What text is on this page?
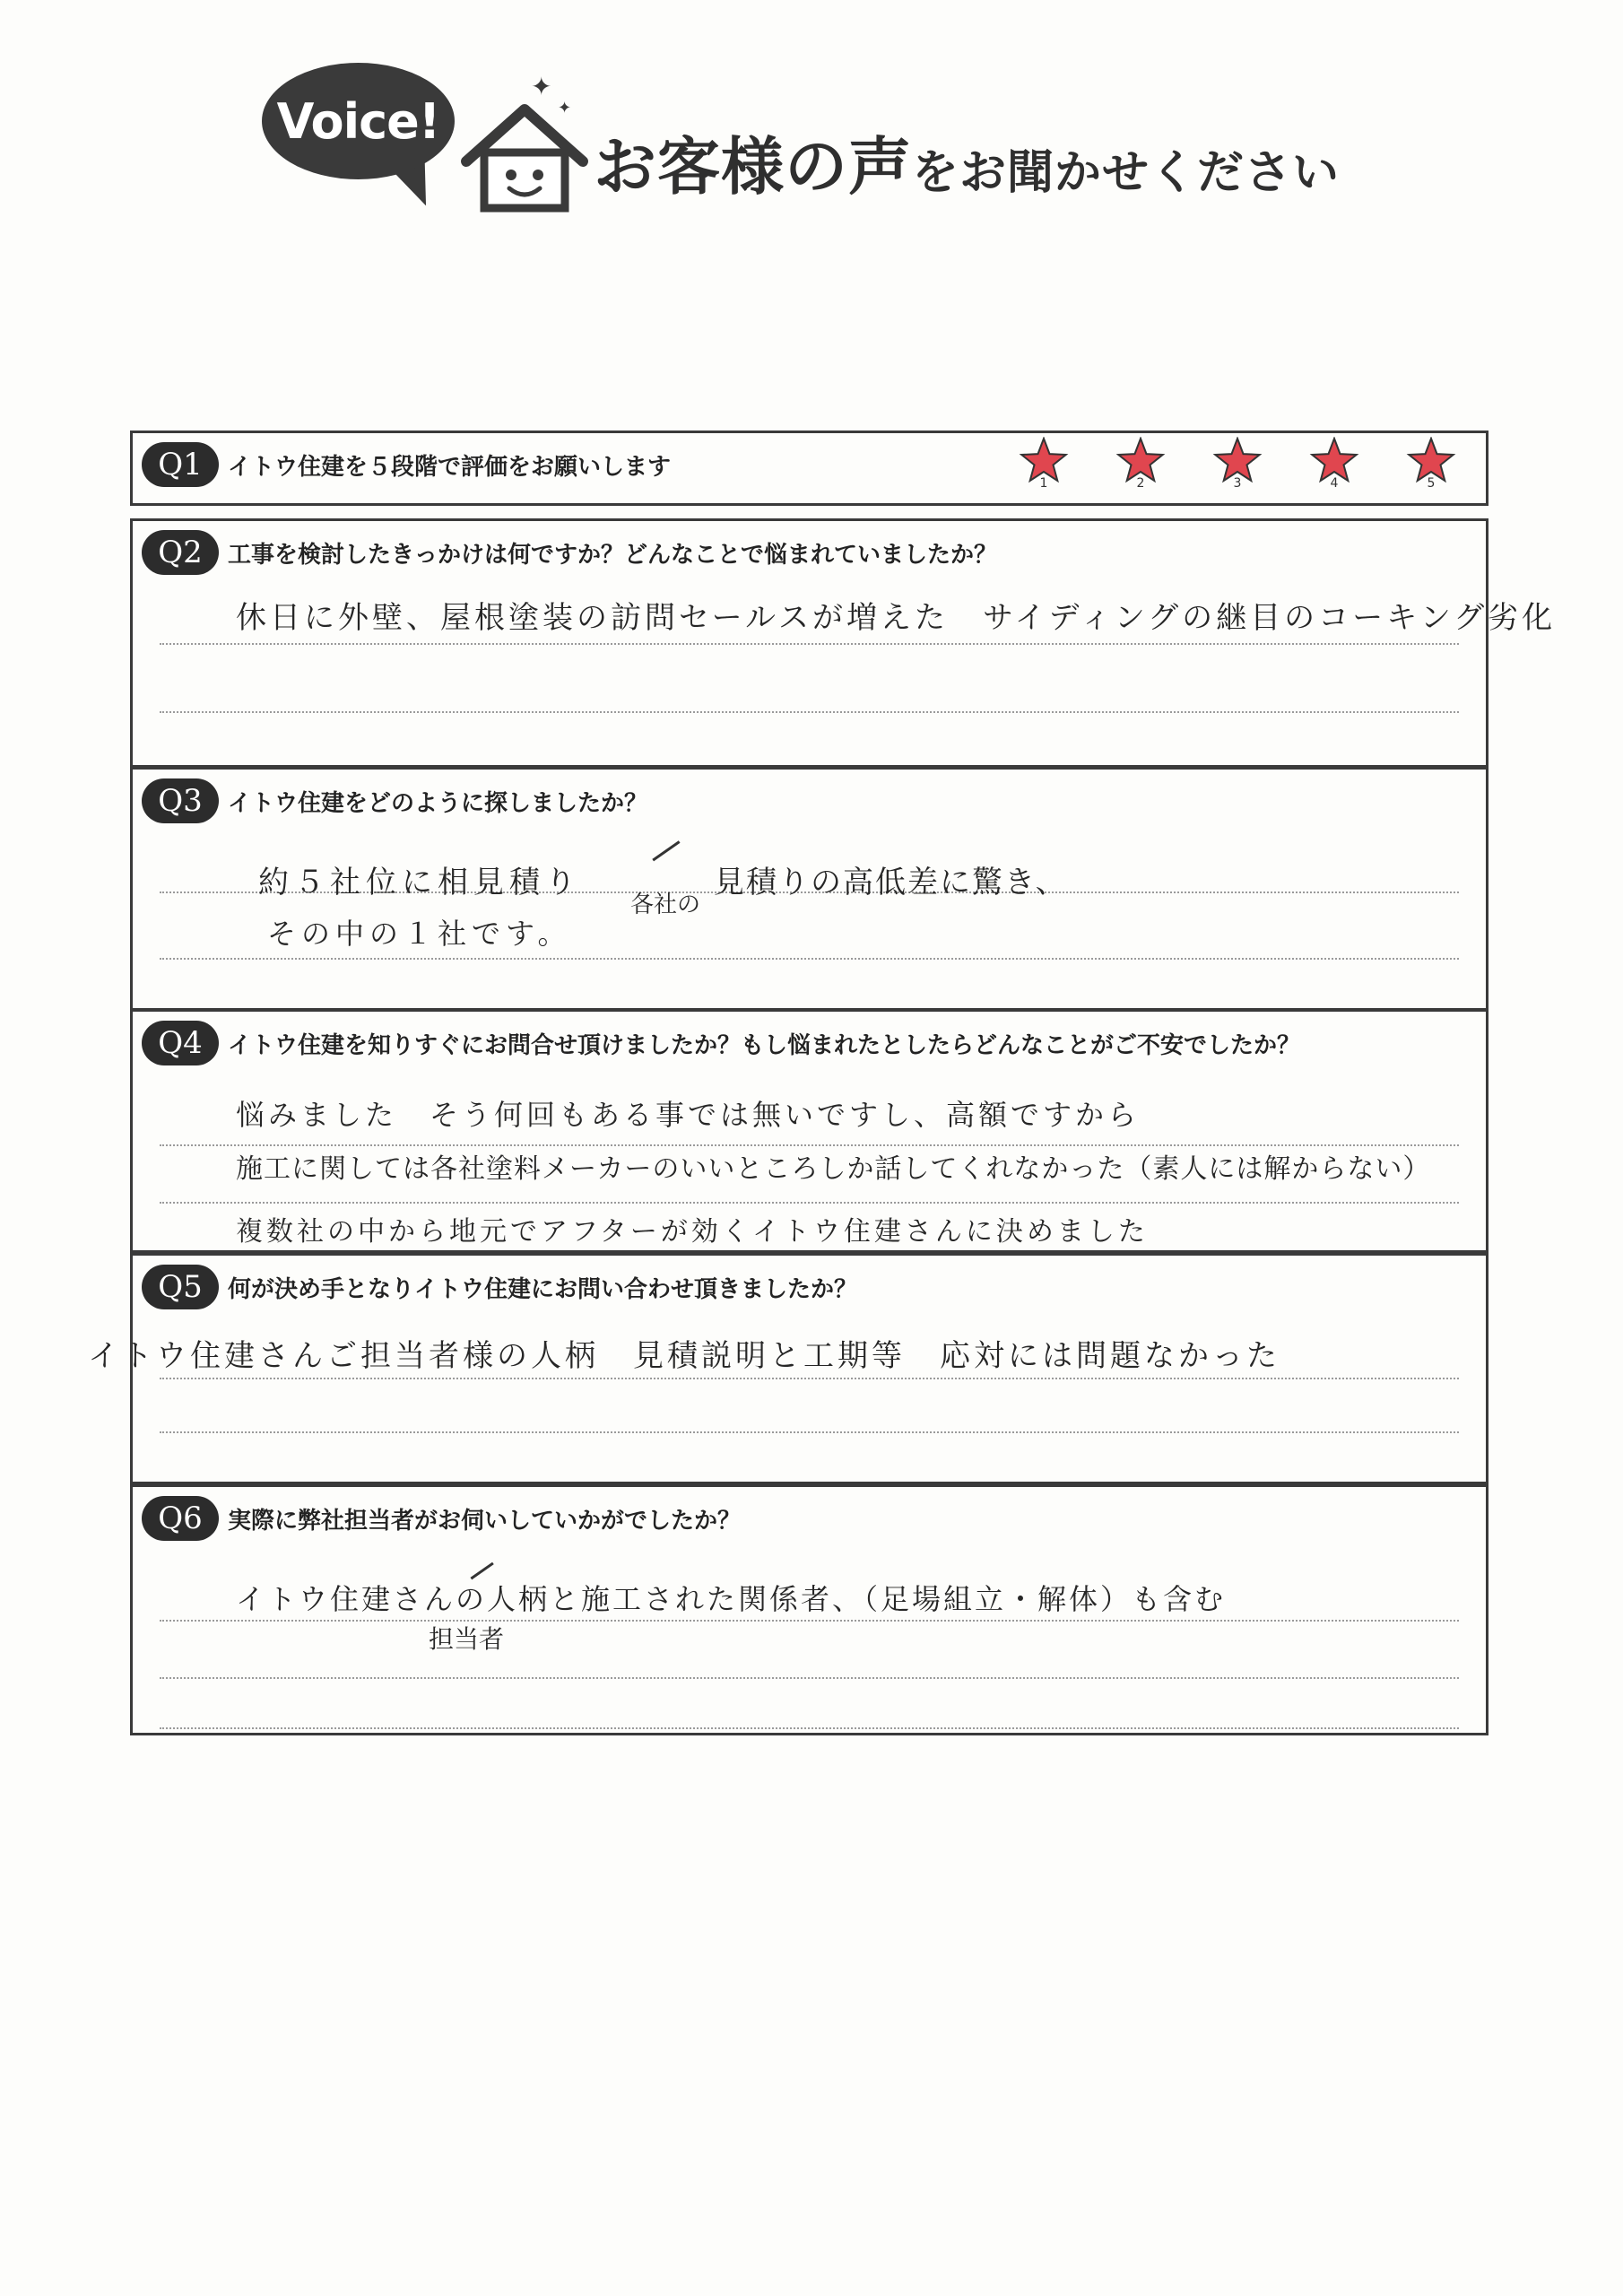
Voice!
✦
✦
お客様の声をお聞かせください
Q1	イトウ住建を５段階で評価をお願いします
1	2	3	4	5
Q2	工事を検討したきっかけは何ですか？どんなことで悩まれていましたか？
休日に外壁、屋根塗装の訪問セールスが増えた　サイディングの継目のコーキング劣化
Q3	イトウ住建をどのように探しましたか？
約５社位に相見積り
各社の
見積りの高低差に驚き、
その中の１社です。
Q4	イトウ住建を知りすぐにお問合せ頂けましたか？もし悩まれたとしたらどんなことがご不安でしたか？
悩みました　そう何回もある事では無いですし、高額ですから
施工に関しては各社塗料メーカーのいいところしか話してくれなかった（素人には解からない）
複数社の中から地元でアフターが効くイトウ住建さんに決めました
Q5	何が決め手となりイトウ住建にお問い合わせ頂きましたか？
イトウ住建さんご担当者様の人柄　見積説明と工期等　応対には問題なかった
Q6	実際に弊社担当者がお伺いしていかがでしたか？
イトウ住建さんの人柄と施工された関係者、（足場組立・解体）も含む
担当者
